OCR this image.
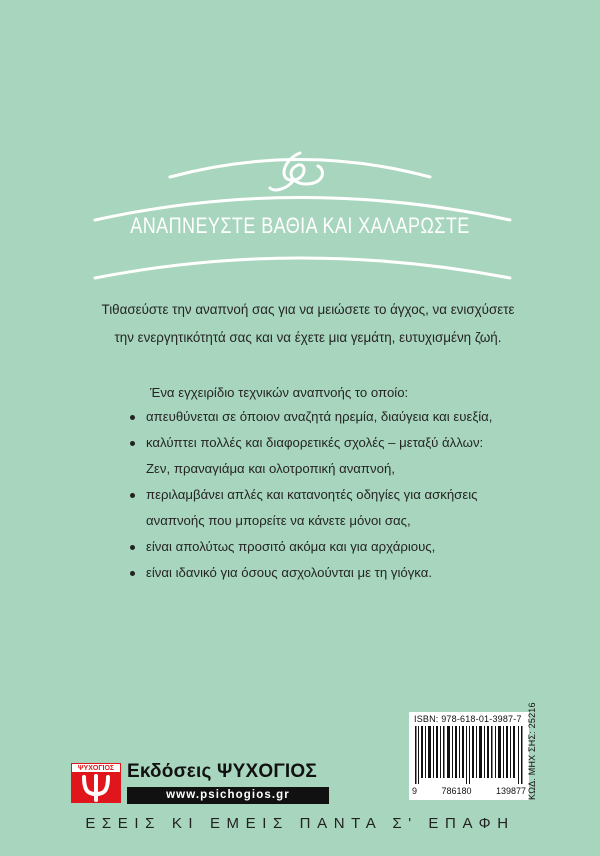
ΑΝΑΠΝΕΥΣΤΕ ΒΑΘΙΑ ΚΑΙ ΧΑΛΑΡΩΣΤΕ
Τιθασεύστε την αναπνοή σας για να μειώσετε το άγχος, να ενισχύσετε
την ενεργητικότητά σας και να έχετε μια γεμάτη, ευτυχισμένη ζωή.
Ένα εγχειρίδιο τεχνικών αναπνοής το οποίο:
απευθύνεται σε όποιον αναζητά ηρεμία, διαύγεια και ευεξία,
καλύπτει πολλές και διαφορετικές σχολές – μεταξύ άλλων:
Ζεν, πραναγιάμα και ολοτροπική αναπνοή,
περιλαμβάνει απλές και κατανοητές οδηγίες για ασκήσεις
αναπνοής που μπορείτε να κάνετε μόνοι σας,
είναι απολύτως προσιτό ακόμα και για αρχάριους,
είναι ιδανικό για όσους ασχολούνται με τη γιόγκα.
ISBN: 978-618-01-3987-7
9	786180	139877 ΚΩΔ. ΜΗΧ ΣΗΣ: 25216
ΨΥΧΟΓΙΟΣ Εκδόσεις ΨΥΧΟΓΙΟΣ
www.psichogios.gr
ΕΣΕΙΣ ΚΙ ΕΜΕΙΣ ΠΑΝΤΑ Σ' ΕΠΑΦΗ
